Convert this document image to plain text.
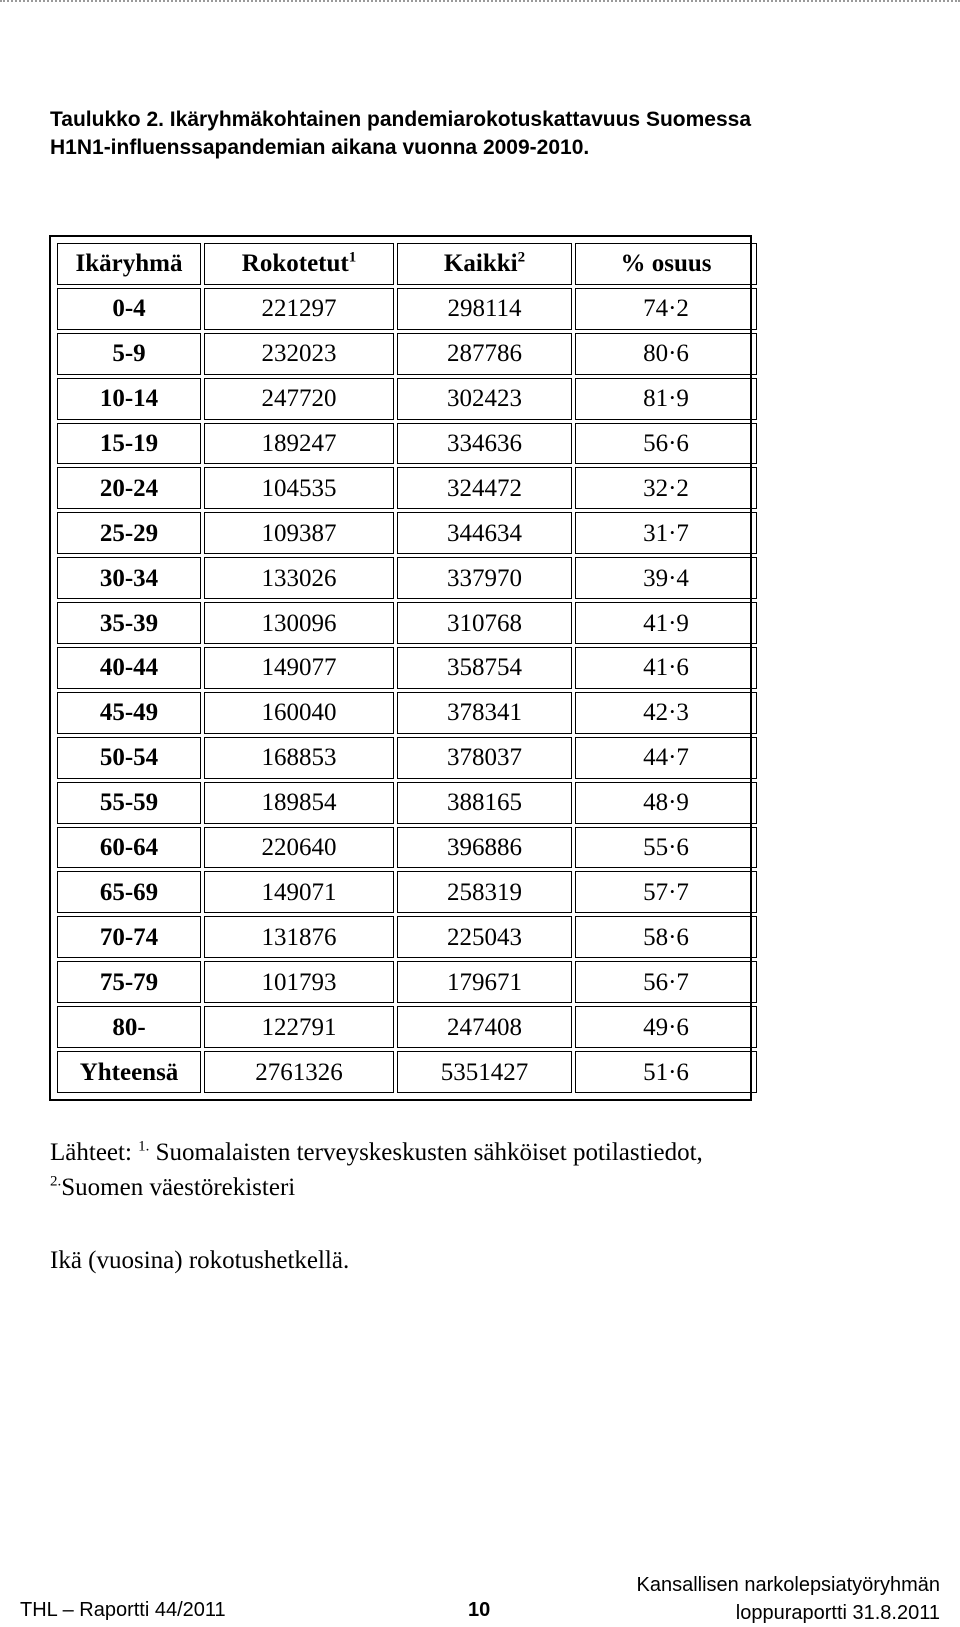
Taulukko 2. Ikäryhmäkohtainen pandemiarokotuskattavuus Suomessa
H1N1-influenssapandemian aikana vuonna 2009-2010.
Ikäryhmä	Rokotetut$^1$	Kaikki$^2$	% osuus
0-4	221297	298114	74·2
5-9	232023	287786	80·6
10-14	247720	302423	81·9
15-19	189247	334636	56·6
20-24	104535	324472	32·2
25-29	109387	344634	31·7
30-34	133026	337970	39·4
35-39	130096	310768	41·9
40-44	149077	358754	41·6
45-49	160040	378341	42·3
50-54	168853	378037	44·7
55-59	189854	388165	48·9
60-64	220640	396886	55·6
65-69	149071	258319	57·7
70-74	131876	225043	58·6
75-79	101793	179671	56·7
80-	122791	247408	49·6
Yhteensä	2761326	5351427	51·6
Lähteet: $^{1.}$ Suomalaisten terveyskeskusten sähköiset potilastiedot,
$^{2.}$Suomen väestörekisteri
Ikä (vuosina) rokotushetkellä.
THL – Raportti 44/2011	10
Kansallisen narkolepsiatyöryhmän
loppuraportti 31.8.2011
